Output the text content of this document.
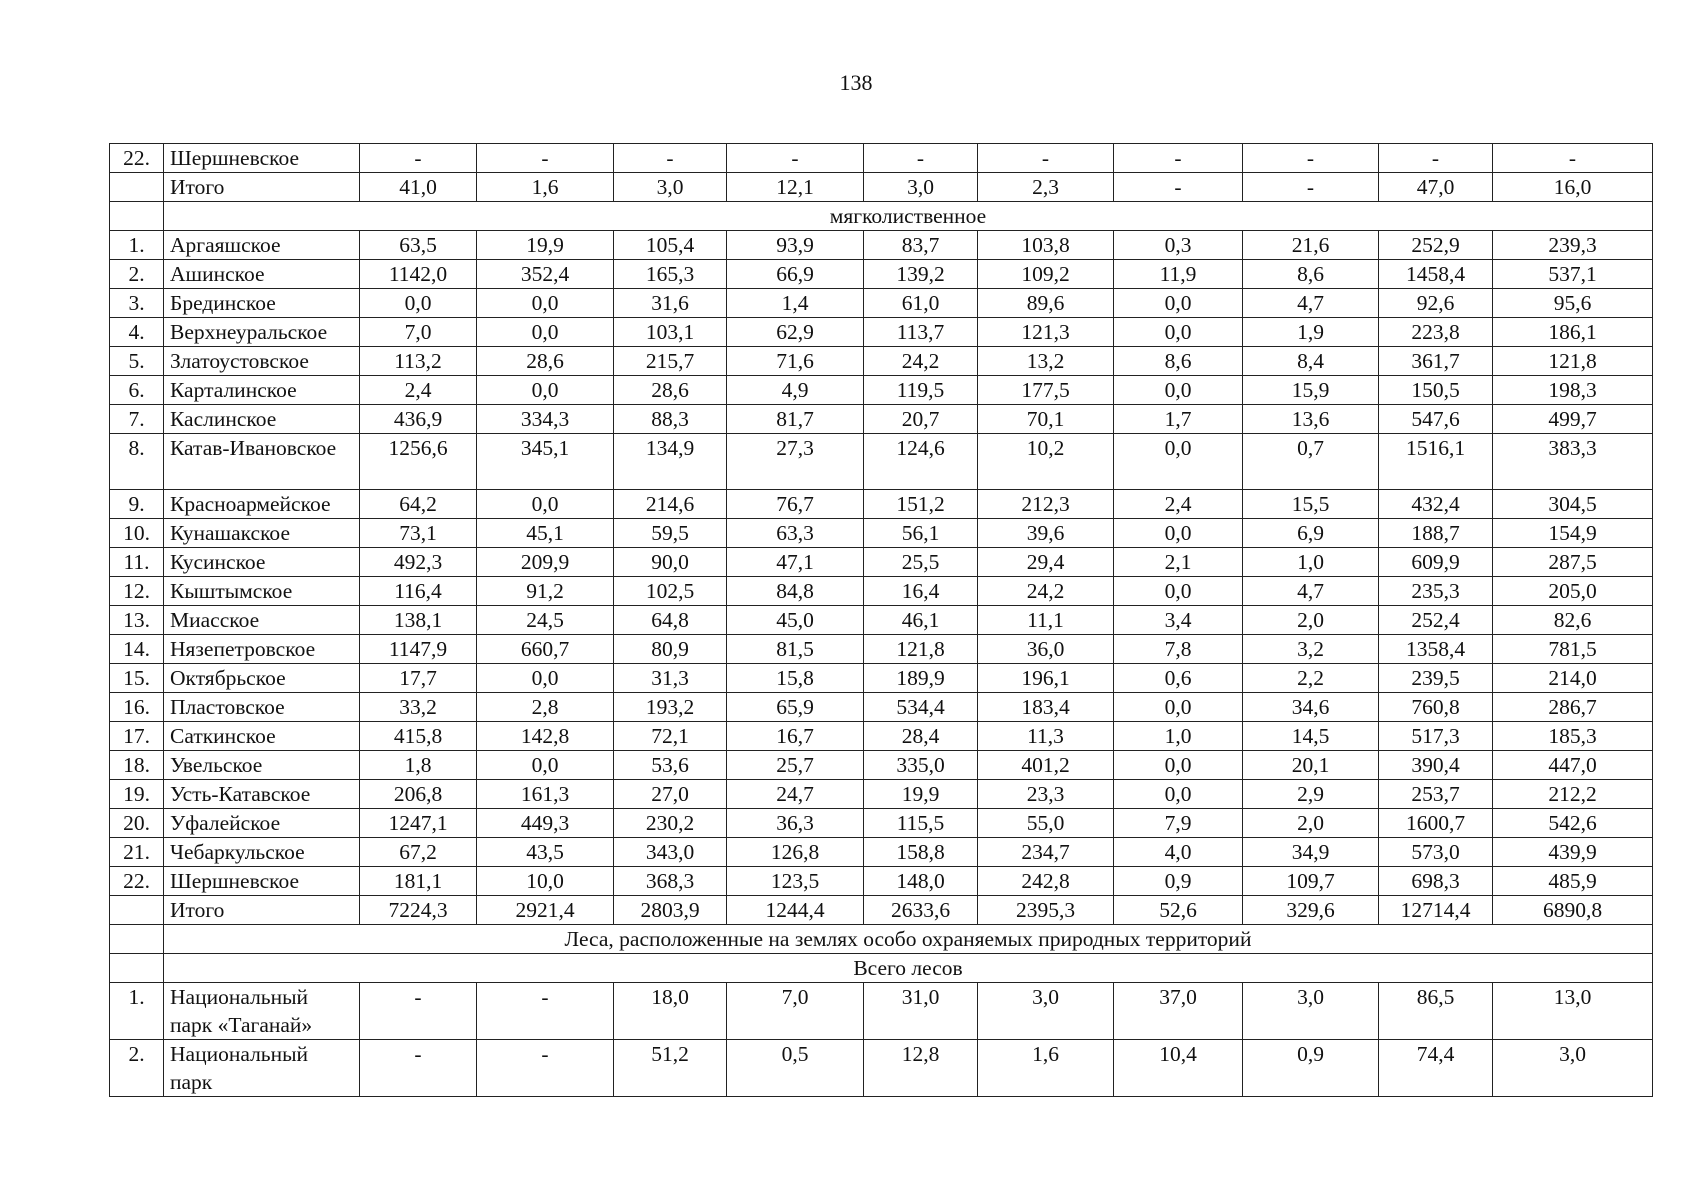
138
22.	Шершневское	-	-	-	-	-	-	-	-	-	-
	Итого	41,0	1,6	3,0	12,1	3,0	2,3	-	-	47,0	16,0
	мягколиственное										
1.	Аргаяшское	63,5	19,9	105,4	93,9	83,7	103,8	0,3	21,6	252,9	239,3
2.	Ашинское	1142,0	352,4	165,3	66,9	139,2	109,2	11,9	8,6	1458,4	537,1
3.	Брединское	0,0	0,0	31,6	1,4	61,0	89,6	0,0	4,7	92,6	95,6
4.	Верхнеуральское	7,0	0,0	103,1	62,9	113,7	121,3	0,0	1,9	223,8	186,1
5.	Златоустовское	113,2	28,6	215,7	71,6	24,2	13,2	8,6	8,4	361,7	121,8
6.	Карталинское	2,4	0,0	28,6	4,9	119,5	177,5	0,0	15,9	150,5	198,3
7.	Каслинское	436,9	334,3	88,3	81,7	20,7	70,1	1,7	13,6	547,6	499,7
8.	Катав-Ивановское	1256,6	345,1	134,9	27,3	124,6	10,2	0,0	0,7	1516,1	383,3
9.	Красноармейское	64,2	0,0	214,6	76,7	151,2	212,3	2,4	15,5	432,4	304,5
10.	Кунашакское	73,1	45,1	59,5	63,3	56,1	39,6	0,0	6,9	188,7	154,9
11.	Кусинское	492,3	209,9	90,0	47,1	25,5	29,4	2,1	1,0	609,9	287,5
12.	Кыштымское	116,4	91,2	102,5	84,8	16,4	24,2	0,0	4,7	235,3	205,0
13.	Миасское	138,1	24,5	64,8	45,0	46,1	11,1	3,4	2,0	252,4	82,6
14.	Нязепетровское	1147,9	660,7	80,9	81,5	121,8	36,0	7,8	3,2	1358,4	781,5
15.	Октябрьское	17,7	0,0	31,3	15,8	189,9	196,1	0,6	2,2	239,5	214,0
16.	Пластовское	33,2	2,8	193,2	65,9	534,4	183,4	0,0	34,6	760,8	286,7
17.	Саткинское	415,8	142,8	72,1	16,7	28,4	11,3	1,0	14,5	517,3	185,3
18.	Увельское	1,8	0,0	53,6	25,7	335,0	401,2	0,0	20,1	390,4	447,0
19.	Усть-Катавское	206,8	161,3	27,0	24,7	19,9	23,3	0,0	2,9	253,7	212,2
20.	Уфалейское	1247,1	449,3	230,2	36,3	115,5	55,0	7,9	2,0	1600,7	542,6
21.	Чебаркульское	67,2	43,5	343,0	126,8	158,8	234,7	4,0	34,9	573,0	439,9
22.	Шершневское	181,1	10,0	368,3	123,5	148,0	242,8	0,9	109,7	698,3	485,9
	Итого	7224,3	2921,4	2803,9	1244,4	2633,6	2395,3	52,6	329,6	12714,4	6890,8
	Леса, расположенные на землях особо охраняемых природных территорий										
	Всего лесов										
1.	Национальный парк «Таганай»	-	-	18,0	7,0	31,0	3,0	37,0	3,0	86,5	13,0
2.	Национальный парк	-	-	51,2	0,5	12,8	1,6	10,4	0,9	74,4	3,0
